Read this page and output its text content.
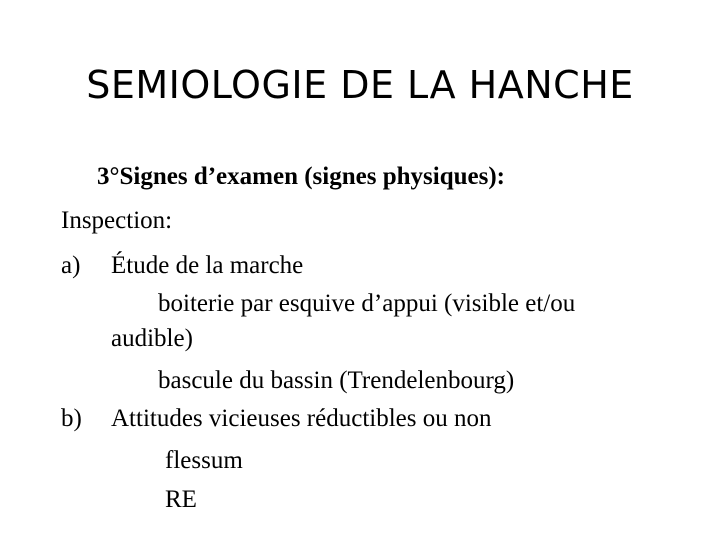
SEMIOLOGIE DE LA HANCHE
3°Signes d’examen (signes physiques):
Inspection:
a) Étude de la marche
boiterie par esquive d’appui (visible et/ou
audible)
bascule du bassin (Trendelenbourg)
b) Attitudes vicieuses réductibles ou non
flessum
RE
